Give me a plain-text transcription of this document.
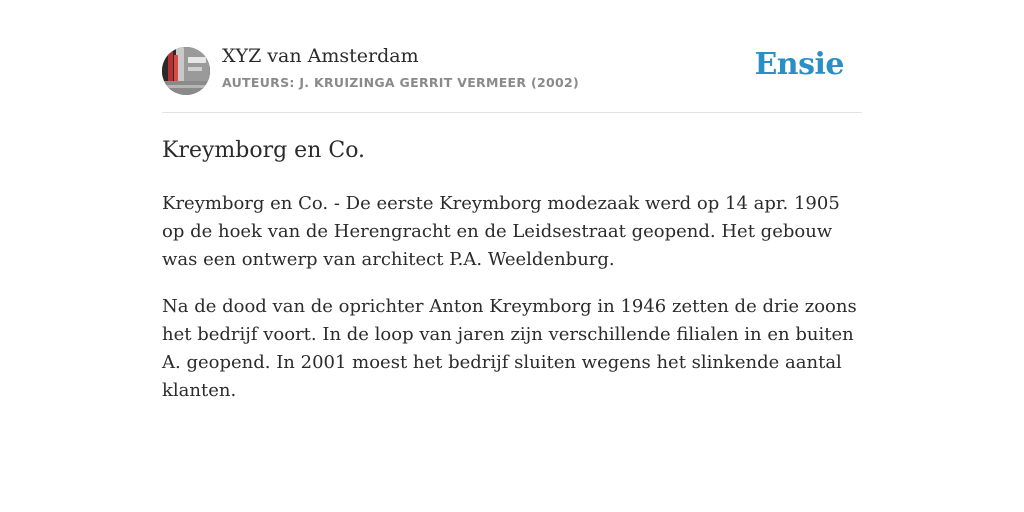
XYZ van Amsterdam
AUTEURS: J. KRUIZINGA GERRIT VERMEER (2002)
Ensie
Kreymborg en Co.

Kreymborg en Co. - De eerste Kreymborg modezaak werd op 14 apr. 1905 op de hoek van de Herengracht en de Leidsestraat geopend. Het gebouw was een ontwerp van architect P.A. Weeldenburg.

Na de dood van de oprichter Anton Kreymborg in 1946 zetten de drie zoons het bedrijf voort. In de loop van jaren zijn verschillende filialen in en buiten A. geopend. In 2001 moest het bedrijf sluiten wegens het slinkende aantal klanten.
